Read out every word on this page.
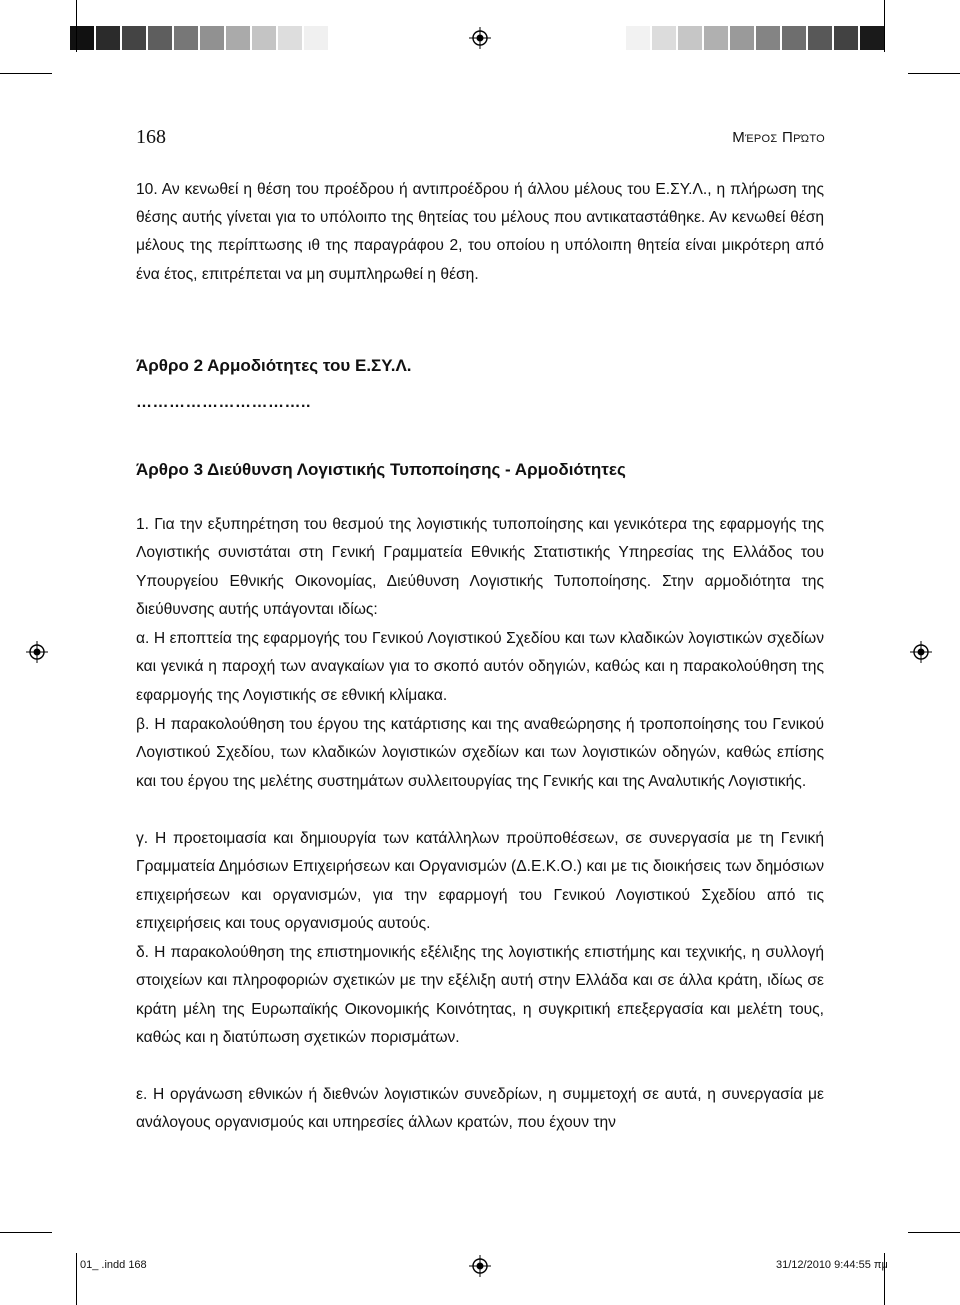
168	Μέρος Πρώτο

10. Αν κενωθεί η θέση του προέδρου ή αντιπροέδρου ή άλλου μέλους του Ε.ΣΥ.Λ., η πλήρωση της θέσης αυτής γίνεται για το υπόλοιπο της θητείας του μέλους που αντικαταστάθηκε. Αν κενωθεί θέση μέλους της περίπτωσης ιθ της παραγράφου 2, του οποίου η υπόλοιπη θητεία είναι μικρότερη από ένα έτος, επιτρέπεται να μη συμπληρωθεί η θέση.

Άρθρο 2 Αρμοδιότητες του Ε.ΣΥ.Λ.
…………………………..
Άρθρο 3 Διεύθυνση Λογιστικής Τυποποίησης - Αρμοδιότητες

1. Για την εξυπηρέτηση του θεσμού της λογιστικής τυποποίησης και γενικότερα της εφαρμογής της Λογιστικής συνιστάται στη Γενική Γραμματεία Εθνικής Στατιστικής Υπηρεσίας της Ελλάδος του Υπουργείου Εθνικής Οικονομίας, Διεύθυνση Λογιστικής Τυποποίησης. Στην αρμοδιότητα της διεύθυνσης αυτής υπάγονται ιδίως:

α. Η εποπτεία της εφαρμογής του Γενικού Λογιστικού Σχεδίου και των κλαδικών λογιστικών σχεδίων και γενικά η παροχή των αναγκαίων για το σκοπό αυτόν οδηγιών, καθώς και η παρακολούθηση της εφαρμογής της Λογιστικής σε εθνική κλίμακα.

β. Η παρακολούθηση του έργου της κατάρτισης και της αναθεώρησης ή τροποποίησης του Γενικού Λογιστικού Σχεδίου, των κλαδικών λογιστικών σχεδίων και των λογιστικών οδηγών, καθώς επίσης και του έργου της μελέτης συστημάτων συλλειτουργίας της Γενικής και της Αναλυτικής Λογιστικής.

γ. Η προετοιμασία και δημιουργία των κατάλληλων προϋποθέσεων, σε συνεργασία με τη Γενική Γραμματεία Δημόσιων Επιχειρήσεων και Οργανισμών (Δ.Ε.Κ.Ο.) και με τις διοικήσεις των δημόσιων επιχειρήσεων και οργανισμών, για την εφαρμογή του Γενικού Λογιστικού Σχεδίου από τις επιχειρήσεις και τους οργανισμούς αυτούς.

δ. Η παρακολούθηση της επιστημονικής εξέλιξης της λογιστικής επιστήμης και τεχνικής, η συλλογή στοιχείων και πληροφοριών σχετικών με την εξέλιξη αυτή στην Ελλάδα και σε άλλα κράτη, ιδίως σε κράτη μέλη της Ευρωπαϊκής Οικονομικής Κοινότητας, η συγκριτική επεξεργασία και μελέτη τους, καθώς και η διατύπωση σχετικών πορισμάτων.

ε. Η οργάνωση εθνικών ή διεθνών λογιστικών συνεδρίων, η συμμετοχή σε αυτά, η συνεργασία με ανάλογους οργανισμούς και υπηρεσίες άλλων κρατών, που έχουν την

01_ .indd 168	31/12/2010 9:44:55 πμ
